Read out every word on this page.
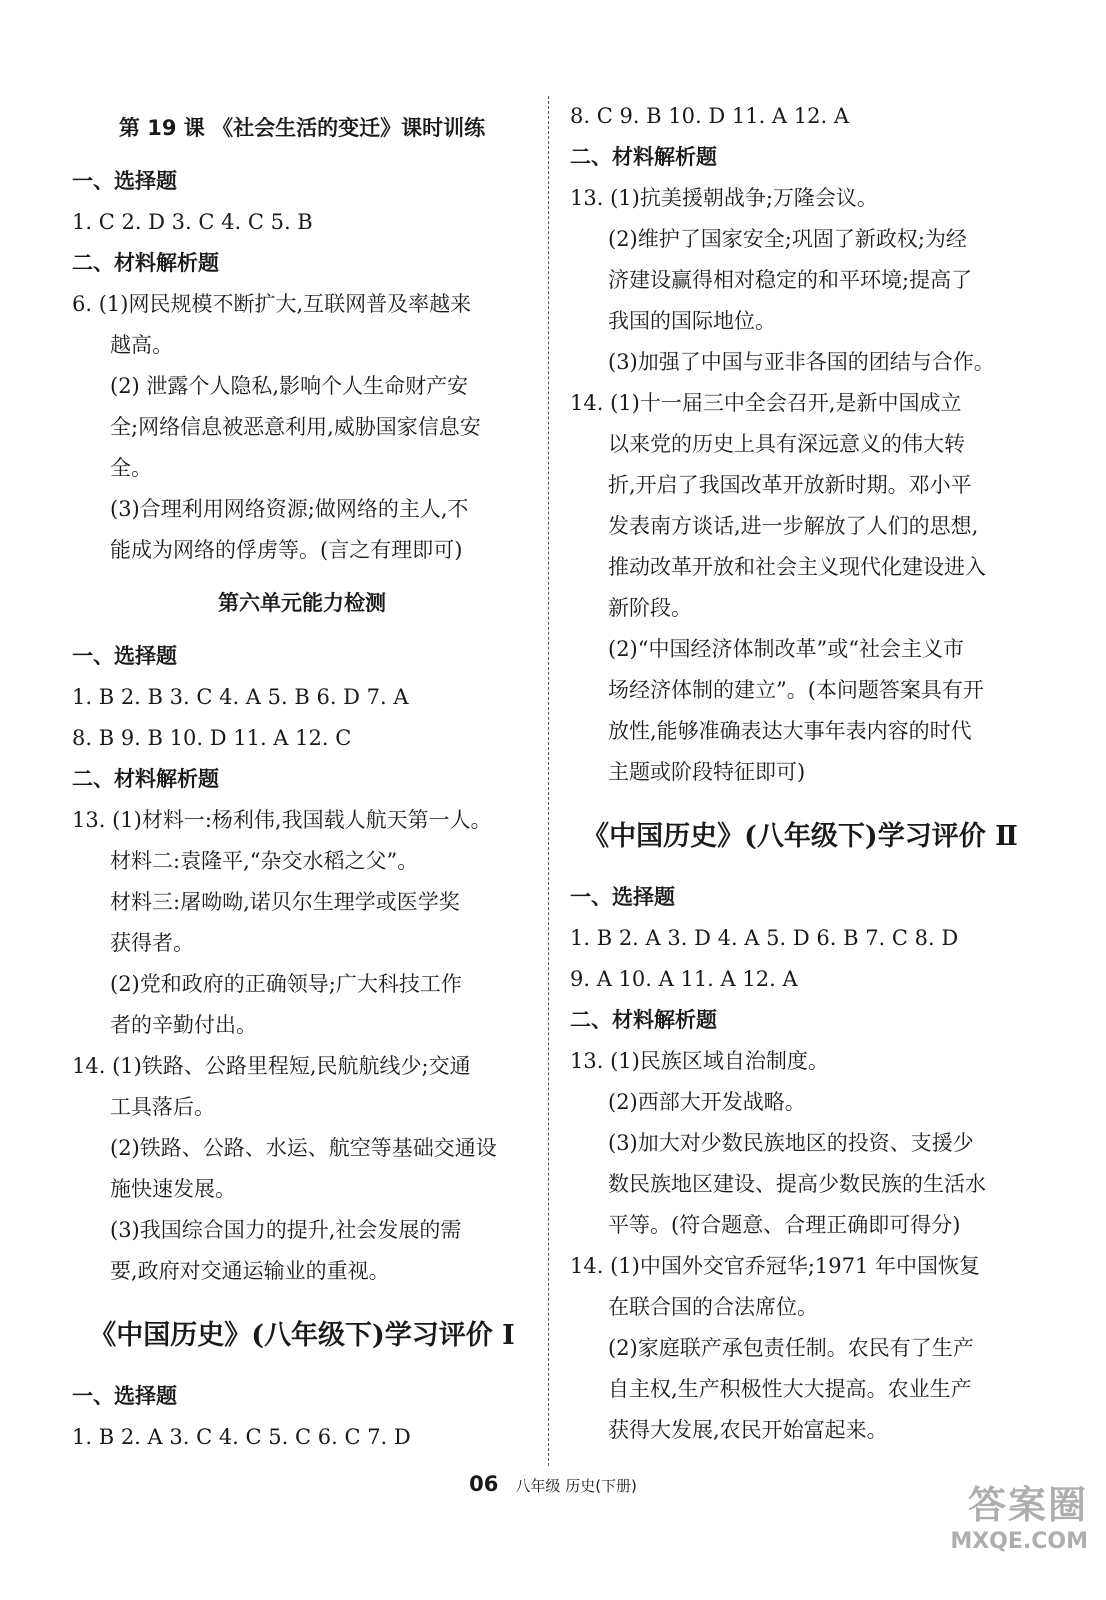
第 19 课 《社会生活的变迁》课时训练
一、选择题
1. C 2. D 3. C 4. C 5. B
二、材料解析题
6. (1)网民规模不断扩大,互联网普及率越来
越高。
(2) 泄露个人隐私,影响个人生命财产安
全;网络信息被恶意利用,威胁国家信息安
全。
(3)合理利用网络资源;做网络的主人,不
能成为网络的俘虏等。(言之有理即可)
第六单元能力检测
一、选择题
1. B 2. B 3. C 4. A 5. B 6. D 7. A
8. B 9. B 10. D 11. A 12. C
二、材料解析题
13. (1)材料一:杨利伟,我国载人航天第一人。
材料二:袁隆平,“杂交水稻之父”。
材料三:屠呦呦,诺贝尔生理学或医学奖
获得者。
(2)党和政府的正确领导;广大科技工作
者的辛勤付出。
14. (1)铁路、公路里程短,民航航线少;交通
工具落后。
(2)铁路、公路、水运、航空等基础交通设
施快速发展。
(3)我国综合国力的提升,社会发展的需
要,政府对交通运输业的重视。
《中国历史》(八年级下)学习评价 Ⅰ
一、选择题
1. B 2. A 3. C 4. C 5. C 6. C 7. D
8. C 9. B 10. D 11. A 12. A
二、材料解析题
13. (1)抗美援朝战争;万隆会议。
(2)维护了国家安全;巩固了新政权;为经
济建设赢得相对稳定的和平环境;提高了
我国的国际地位。
(3)加强了中国与亚非各国的团结与合作。
14. (1)十一届三中全会召开,是新中国成立
以来党的历史上具有深远意义的伟大转
折,开启了我国改革开放新时期。邓小平
发表南方谈话,进一步解放了人们的思想,
推动改革开放和社会主义现代化建设进入
新阶段。
(2)“中国经济体制改革”或“社会主义市
场经济体制的建立”。(本问题答案具有开
放性,能够准确表达大事年表内容的时代
主题或阶段特征即可)
《中国历史》(八年级下)学习评价 Ⅱ
一、选择题
1. B 2. A 3. D 4. A 5. D 6. B 7. C 8. D
9. A 10. A 11. A 12. A
二、材料解析题
13. (1)民族区域自治制度。
(2)西部大开发战略。
(3)加大对少数民族地区的投资、支援少
数民族地区建设、提高少数民族的生活水
平等。(符合题意、合理正确即可得分)
14. (1)中国外交官乔冠华;1971 年中国恢复
在联合国的合法席位。
(2)家庭联产承包责任制。农民有了生产
自主权,生产积极性大大提高。农业生产
获得大发展,农民开始富起来。
06 八年级 历史(下册)	答案圈
MXQE.COM
